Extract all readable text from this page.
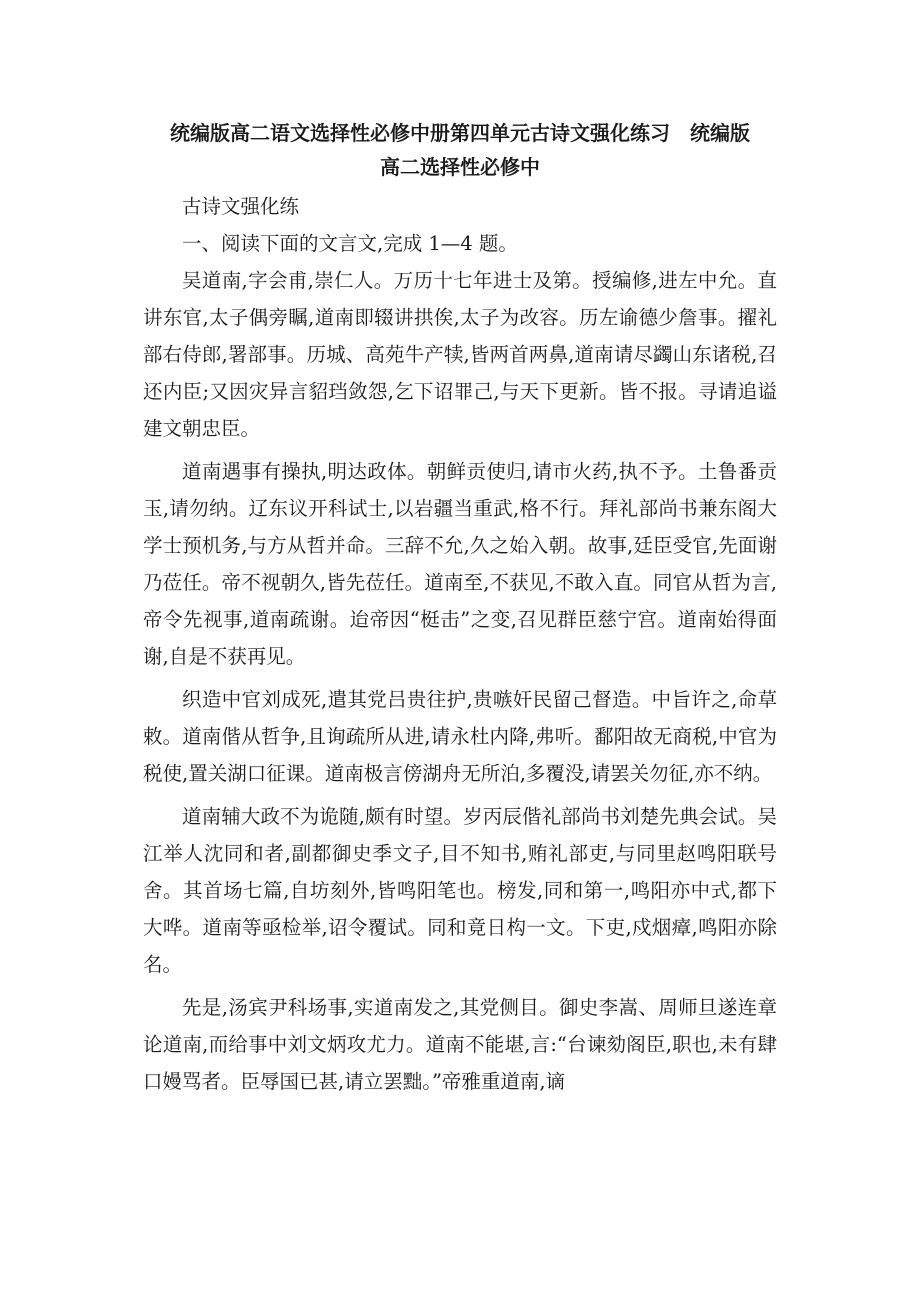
统编版高二语文选择性必修中册第四单元古诗文强化练习　统编版
高二选择性必修中

古诗文强化练

一、阅读下面的文言文,完成 1—4 题。

吴道南,字会甫,崇仁人。万历十七年进士及第。授编修,进左中允。直讲东官,太子偶旁瞩,道南即辍讲拱俟,太子为改容。历左谕德少詹事。擢礼部右侍郎,署部事。历城、高苑牛产犊,皆两首两鼻,道南请尽蠲山东诸税,召还内臣;又因灾异言貂珰敛怨,乞下诏罪己,与天下更新。皆不报。寻请追谥建文朝忠臣。

道南遇事有操执,明达政体。朝鲜贡使归,请市火药,执不予。土鲁番贡玉,请勿纳。辽东议开科试士,以岩疆当重武,格不行。拜礼部尚书兼东阁大学士预机务,与方从哲并命。三辞不允,久之始入朝。故事,廷臣受官,先面谢乃莅任。帝不视朝久,皆先莅任。道南至,不获见,不敢入直。同官从哲为言,帝令先视事,道南疏谢。迨帝因“梃击”之变,召见群臣慈宁宫。道南始得面谢,自是不获再见。

织造中官刘成死,遣其党吕贵往护,贵嗾奸民留己督造。中旨许之,命草敕。道南偕从哲争,且询疏所从进,请永杜内降,弗听。鄱阳故无商税,中官为税使,置关湖口征课。道南极言傍湖舟无所泊,多覆没,请罢关勿征,亦不纳。

道南辅大政不为诡随,颇有时望。岁丙辰偕礼部尚书刘楚先典会试。吴江举人沈同和者,副都御史季文子,目不知书,贿礼部吏,与同里赵鸣阳联号舍。其首场七篇,自坊刻外,皆鸣阳笔也。榜发,同和第一,鸣阳亦中式,都下大哗。道南等亟检举,诏令覆试。同和竟日构一文。下吏,戍烟瘴,鸣阳亦除名。

先是,汤宾尹科场事,实道南发之,其党侧目。御史李嵩、周师旦遂连章论道南,而给事中刘文炳攻尤力。道南不能堪,言:“台谏劾阁臣,职也,未有肆口嫚骂者。臣辱国已甚,请立罢黜。”帝雅重道南,谪
